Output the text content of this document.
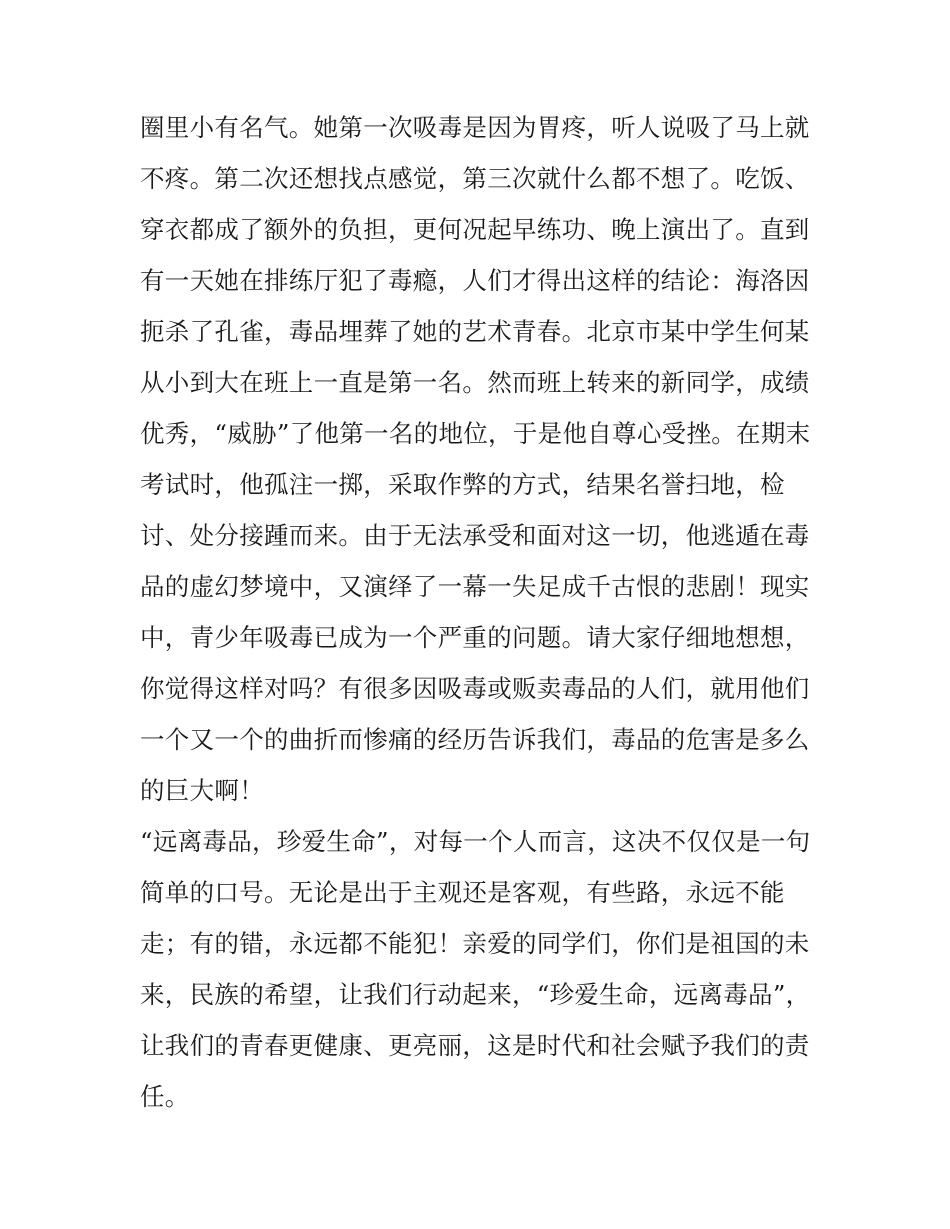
圈里小有名气。她第一次吸毒是因为胃疼，听人说吸了马上就
不疼。第二次还想找点感觉，第三次就什么都不想了。吃饭、
穿衣都成了额外的负担，更何况起早练功、晚上演出了。直到
有一天她在排练厅犯了毒瘾，人们才得出这样的结论：海洛因
扼杀了孔雀，毒品埋葬了她的艺术青春。北京市某中学生何某
从小到大在班上一直是第一名。然而班上转来的新同学，成绩
优秀，“威胁”了他第一名的地位，于是他自尊心受挫。在期末
考试时，他孤注一掷，采取作弊的方式，结果名誉扫地，检
讨、处分接踵而来。由于无法承受和面对这一切，他逃遁在毒
品的虚幻梦境中，又演绎了一幕一失足成千古恨的悲剧！现实
中，青少年吸毒已成为一个严重的问题。请大家仔细地想想，
你觉得这样对吗？有很多因吸毒或贩卖毒品的人们，就用他们
一个又一个的曲折而惨痛的经历告诉我们，毒品的危害是多么
的巨大啊！
“远离毒品，珍爱生命”，对每一个人而言，这决不仅仅是一句
简单的口号。无论是出于主观还是客观，有些路，永远不能
走；有的错，永远都不能犯！亲爱的同学们，你们是祖国的未
来，民族的希望，让我们行动起来，“珍爱生命，远离毒品”，
让我们的青春更健康、更亮丽，这是时代和社会赋予我们的责
任。
